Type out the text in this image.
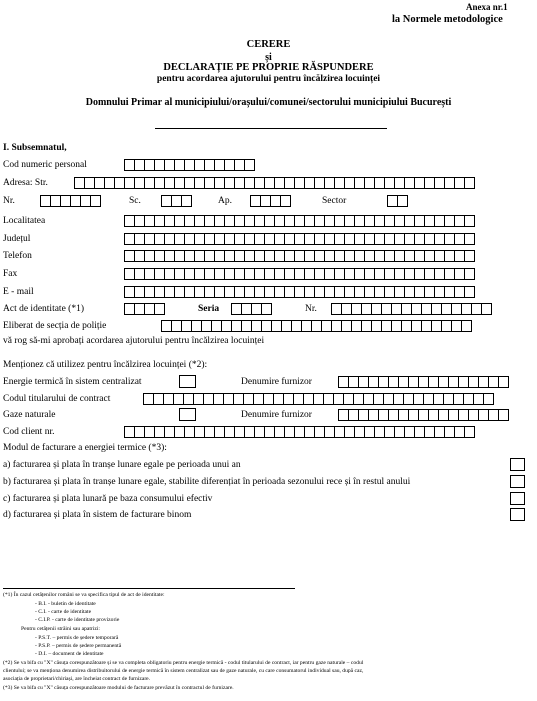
Anexa nr.1
la Normele metodologice
CERERE
și
DECLARAȚIE PE PROPRIE RĂSPUNDERE
pentru acordarea ajutorului pentru încălzirea locuinței
Domnului Primar al municipiului/orașului/comunei/sectorului municipiului București
I. Subsemnatul,
Cod numeric personal
Adresa: Str.
Nr.	Sc.	Ap.	Sector
Localitatea
Județul
Telefon
Fax
E - mail
Act de identitate (*1)	Seria	Nr.
Eliberat de secția de poliție
vă rog să-mi aprobați acordarea ajutorului pentru încălzirea locuinței
Menționez că utilizez pentru încălzirea locuinței (*2):
Energie termică în sistem centralizat	Denumire furnizor
Codul titularului de contract
Gaze naturale	Denumire furnizor
Cod client nr.
Modul de facturare a energiei termice (*3):
a) facturarea și plata în tranșe lunare egale pe perioada unui an
b) facturarea și plata în tranșe lunare egale, stabilite diferențiat în perioada sezonului rece și în restul anului
c) facturarea și plata lunară pe baza consumului efectiv
d) facturarea și plata în sistem de facturare binom
(*1) În cazul cetățenilor români se va specifica tipul de act de identitate:
- B.I. - buletin de identitate
- C.I. - carte de identitate
- C.I.P. - carte de identitate provizorie
Pentru cetățenii străini sau apatrizi:
- P.S.T. – permis de ședere temporară
- P.S.P. – permis de ședere permanentă
- D.I. – document de identitate
(*2) Se va bifa cu "X" căsuța corespunzătoare și se va completa obligatoriu pentru energie termică - codul titularului de contract, iar pentru gaze naturale – codul
clientului; se va menționa denumirea distribuitorului de energie termică în sistem centralizat sau de gaze naturale, cu care consumatorul individual sau, după caz,
asociația de proprietari/chiriași, are încheiat contract de furnizare.
(*3) Se va bifa cu "X" căsuța corespunzătoare modului de facturare prevăzut în contractul de furnizare.
